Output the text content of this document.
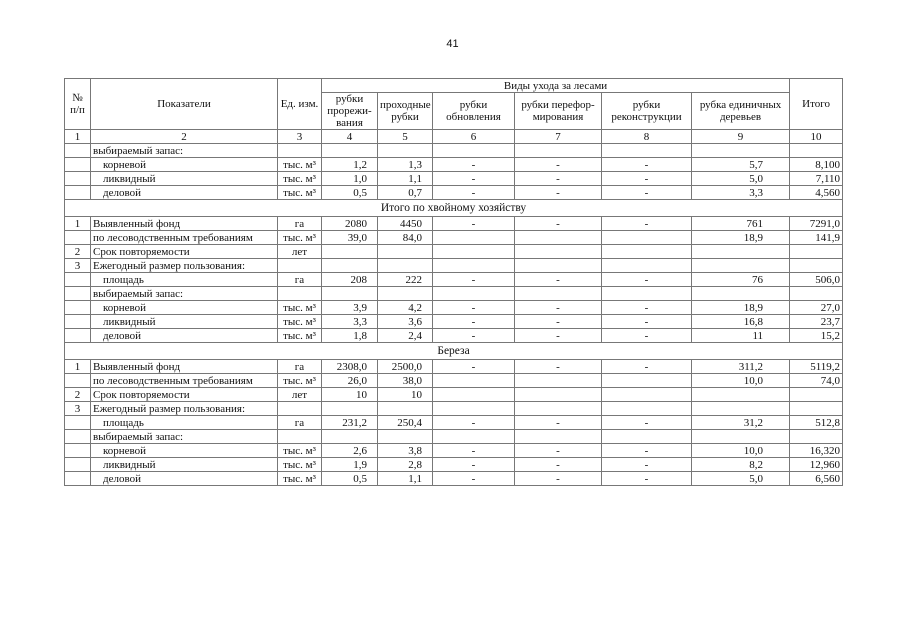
41
№ п/п	Показатели	Ед. изм.	Виды ухода за лесами						Итого
			рубки прорежи-вания	проходные рубки	рубки обновления	рубки перефор-мирования	рубки реконструкции	рубка единичных деревьев	
1	2	3	4	5	6	7	8	9	10
	выбираемый запас:								
	корневой	тыс. м³	1,2	1,3	-	-	-	5,7	8,100
	ликвидный	тыс. м³	1,0	1,1	-	-	-	5,0	7,110
	деловой	тыс. м³	0,5	0,7	-	-	-	3,3	4,560
Итого по хвойному хозяйству									
1	Выявленный фонд	га	2080	4450	-	-	-	761	7291,0
	по лесоводственным требованиям	тыс. м³	39,0	84,0				18,9	141,9
2	Срок повторяемости	лет							
3	Ежегодный размер пользования:								
	площадь	га	208	222	-	-	-	76	506,0
	выбираемый запас:								
	корневой	тыс. м³	3,9	4,2	-	-	-	18,9	27,0
	ликвидный	тыс. м³	3,3	3,6	-	-	-	16,8	23,7
	деловой	тыс. м³	1,8	2,4	-	-	-	11	15,2
Береза									
1	Выявленный фонд	га	2308,0	2500,0	-	-	-	311,2	5119,2
	по лесоводственным требованиям	тыс. м³	26,0	38,0				10,0	74,0
2	Срок повторяемости	лет	10	10					
3	Ежегодный размер пользования:								
	площадь	га	231,2	250,4	-	-	-	31,2	512,8
	выбираемый запас:								
	корневой	тыс. м³	2,6	3,8	-	-	-	10,0	16,320
	ликвидный	тыс. м³	1,9	2,8	-	-	-	8,2	12,960
	деловой	тыс. м³	0,5	1,1	-	-	-	5,0	6,560
